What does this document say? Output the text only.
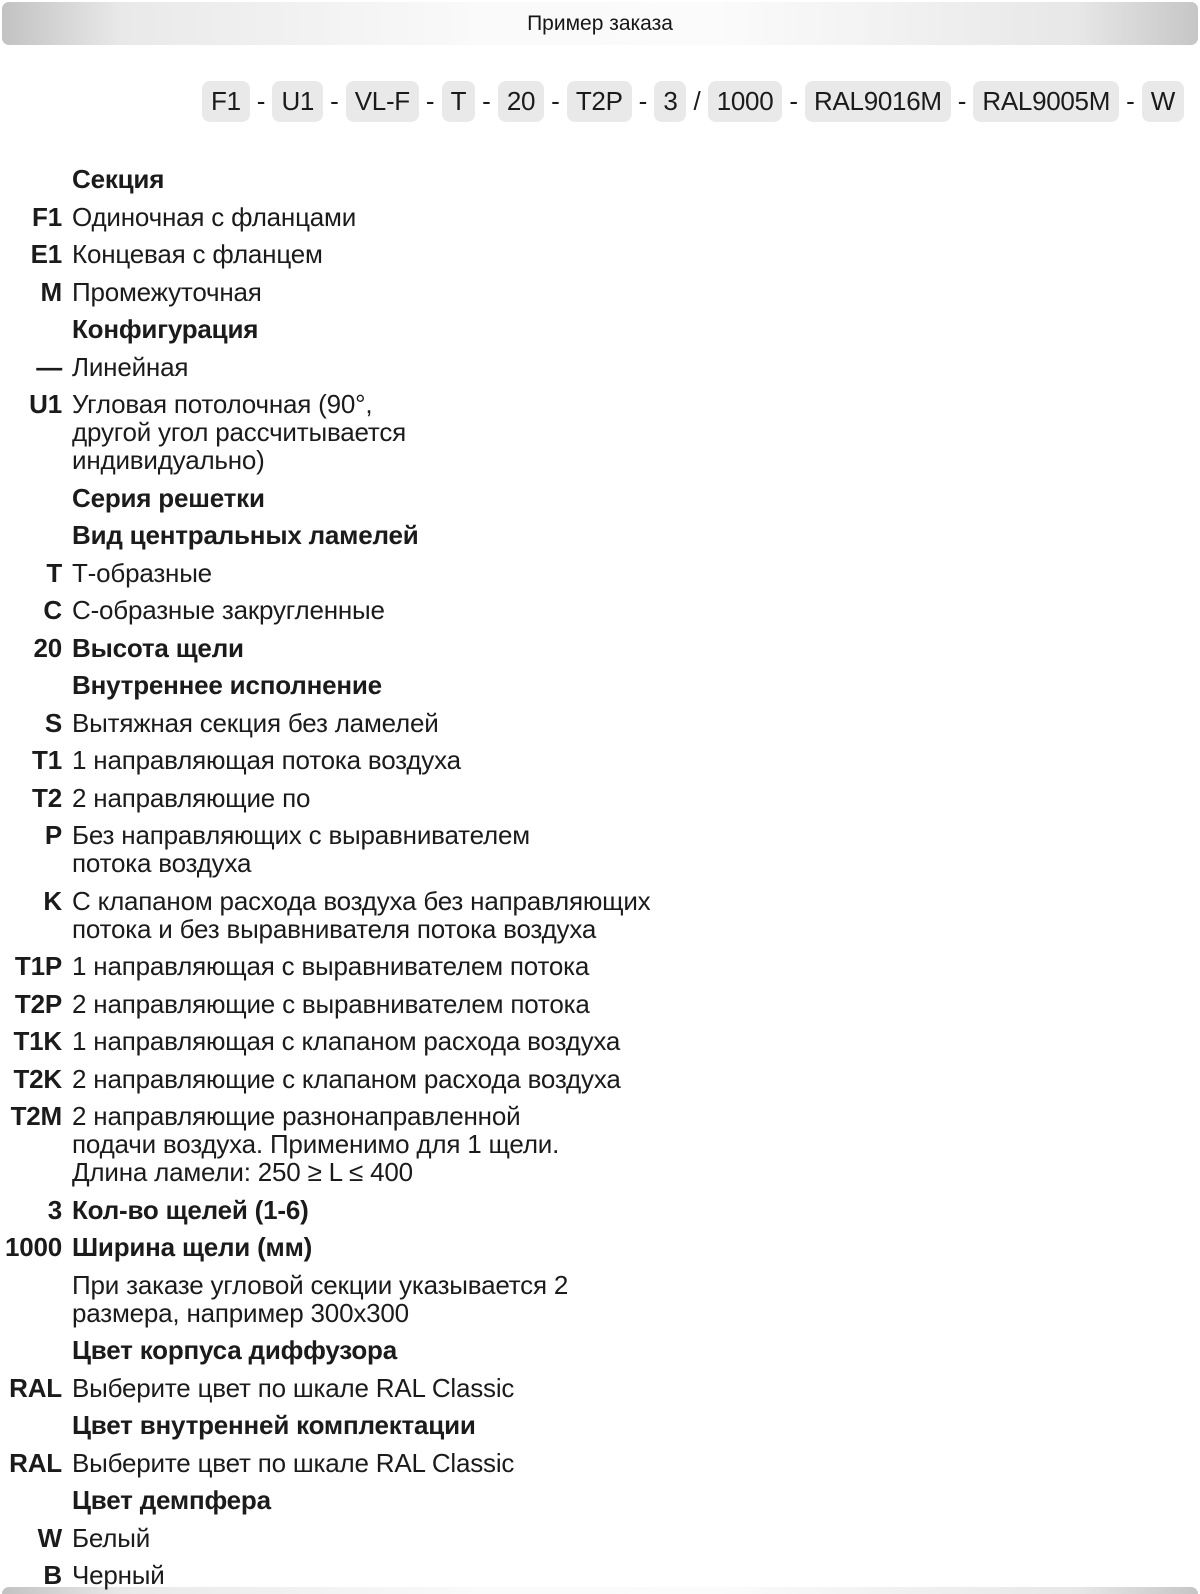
Пример заказа
F1 - U1 - VL-F - T - 20 - T2P - 3 / 1000 - RAL9016M - RAL9005M - W
Секция
F1 Одиночная с фланцами
E1 Концевая с фланцем
M Промежуточная
Конфигурация
— Линейная
U1 Угловая потолочная (90°,
другой угол рассчитывается
индивидуально)
Серия решетки
Вид центральных ламелей
T Т-образные
C С-образные закругленные
20 Высота щели
Внутреннее исполнение
S Вытяжная секция без ламелей
T1 1 направляющая потока воздуха
T2 2 направляющие по
P Без направляющих с выравнивателем
потока воздуха
K С клапаном расхода воздуха без направляющих
потока и без выравнивателя потока воздуха
T1P 1 направляющая с выравнивателем потока
T2P 2 направляющие с выравнивателем потока
T1K 1 направляющая с клапаном расхода воздуха
T2K 2 направляющие с клапаном расхода воздуха
T2M 2 направляющие разнонаправленной
подачи воздуха. Применимо для 1 щели.
Длина ламели: 250 ≥ L ≤ 400
3 Кол-во щелей (1-6)
1000 Ширина щели (мм)
При заказе угловой секции указывается 2
размера, например 300x300
Цвет корпуса диффузора
RAL Выберите цвет по шкале RAL Classic
Цвет внутренней комплектации
RAL Выберите цвет по шкале RAL Classic
Цвет демпфера
W Белый
B Черный
